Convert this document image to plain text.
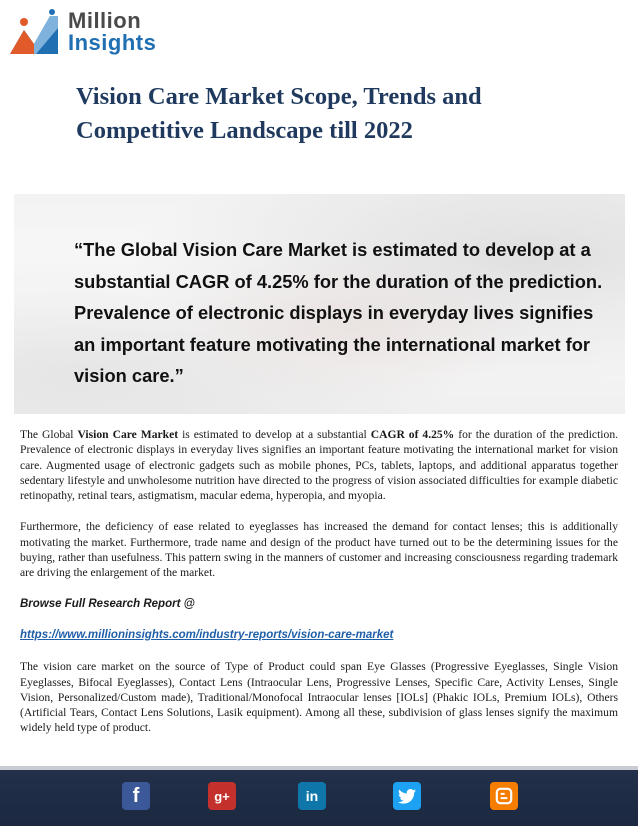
Million
Insights
Vision Care Market Scope, Trends and Competitive Landscape till 2022

“The Global Vision Care Market is estimated to develop at a substantial CAGR of 4.25% for the duration of the prediction. Prevalence of electronic displays in everyday lives signifies an important feature motivating the international market for vision care.”

The Global Vision Care Market is estimated to develop at a substantial CAGR of 4.25% for the duration of the prediction. Prevalence of electronic displays in everyday lives signifies an important feature motivating the international market for vision care. Augmented usage of electronic gadgets such as mobile phones, PCs, tablets, laptops, and additional apparatus together sedentary lifestyle and unwholesome nutrition have directed to the progress of vision associated difficulties for example diabetic retinopathy, retinal tears, astigmatism, macular edema, hyperopia, and myopia.

Furthermore, the deficiency of ease related to eyeglasses has increased the demand for contact lenses; this is additionally motivating the market. Furthermore, trade name and design of the product have turned out to be the determining issues for the buying, rather than usefulness. This pattern swing in the manners of customer and increasing consciousness regarding trademark are driving the enlargement of the market.

Browse Full Research Report @
https://www.millioninsights.com/industry-reports/vision-care-market

The vision care market on the source of Type of Product could span Eye Glasses (Progressive Eyeglasses, Single Vision Eyeglasses, Bifocal Eyeglasses), Contact Lens (Intraocular Lens, Progressive Lenses, Specific Care, Activity Lenses, Single Vision, Personalized/Custom made), Traditional/Monofocal Intraocular lenses [IOLs] (Phakic IOLs, Premium IOLs), Others (Artificial Tears, Contact Lens Solutions, Lasik equipment). Among all these, subdivision of glass lenses signify the maximum widely held type of product.

f	g+	in
